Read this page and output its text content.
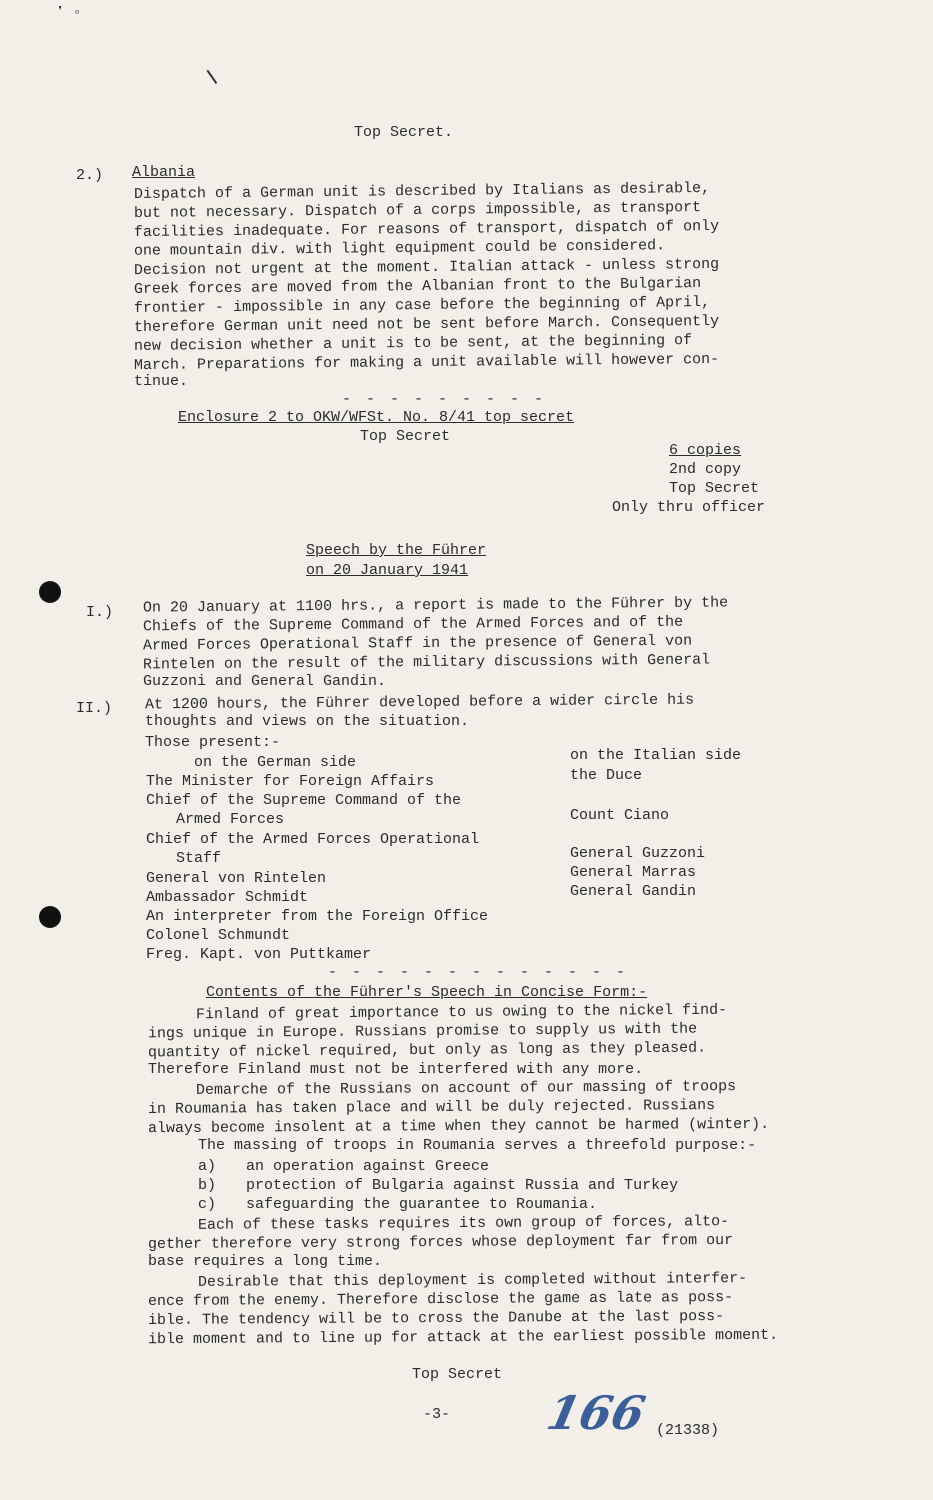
❜ ◦
Top Secret.
2.) Albania
Dispatch of a German unit is described by Italians as desirable,
but not necessary. Dispatch of a corps impossible, as transport
facilities inadequate. For reasons of transport, dispatch of only
one mountain div. with light equipment could be considered.
Decision not urgent at the moment. Italian attack - unless strong
Greek forces are moved from the Albanian front to the Bulgarian
frontier - impossible in any case before the beginning of April,
therefore German unit need not be sent before March. Consequently
new decision whether a unit is to be sent, at the beginning of
March. Preparations for making a unit available will however con-
tinue.
- - - - - - - - -
Enclosure 2 to OKW/WFSt. No. 8/41 top secret
Top Secret
6 copies
2nd copy
Top Secret
Only thru officer
Speech by the Führer
on 20 January 1941
I.) On 20 January at 1100 hrs., a report is made to the Führer by the
Chiefs of the Supreme Command of the Armed Forces and of the
Armed Forces Operational Staff in the presence of General von
Rintelen on the result of the military discussions with General
Guzzoni and General Gandin.
II.) At 1200 hours, the Führer developed before a wider circle his
thoughts and views on the situation.
Those present:-
on the German side
The Minister for Foreign Affairs
Chief of the Supreme Command of the
Armed Forces
Chief of the Armed Forces Operational
Staff
General von Rintelen
Ambassador Schmidt
An interpreter from the Foreign Office
Colonel Schmundt
Freg. Kapt. von Puttkamer
on the Italian side
the Duce
Count Ciano
General Guzzoni
General Marras
General Gandin
- - - - - - - - - - - - -
Contents of the Führer's Speech in Concise Form:-
Finland of great importance to us owing to the nickel find-
ings unique in Europe. Russians promise to supply us with the
quantity of nickel required, but only as long as they pleased.
Therefore Finland must not be interfered with any more.
Demarche of the Russians on account of our massing of troops
in Roumania has taken place and will be duly rejected. Russians
always become insolent at a time when they cannot be harmed (winter).
The massing of troops in Roumania serves a threefold purpose:-
a) an operation against Greece
b) protection of Bulgaria against Russia and Turkey
c) safeguarding the guarantee to Roumania.
Each of these tasks requires its own group of forces, alto-
gether therefore very strong forces whose deployment far from our
base requires a long time.
Desirable that this deployment is completed without interfer-
ence from the enemy. Therefore disclose the game as late as poss-
ible. The tendency will be to cross the Danube at the last poss-
ible moment and to line up for attack at the earliest possible moment.
Top Secret
-3- 166 (21338)
